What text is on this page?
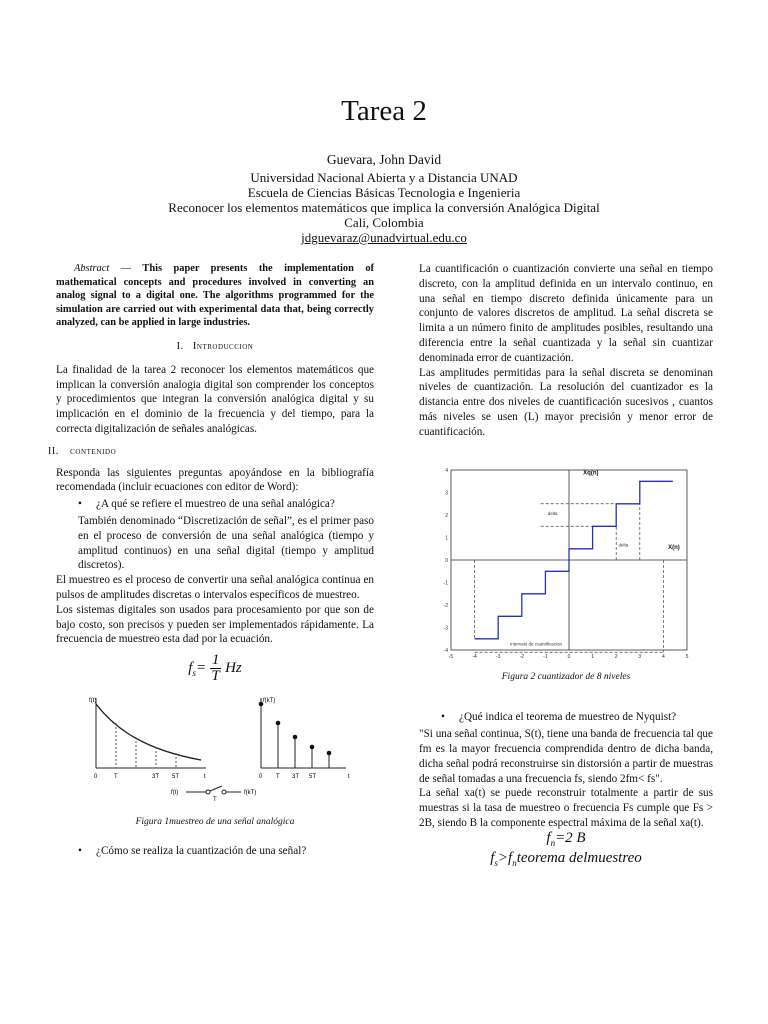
Tarea 2
Guevara, John David
Universidad Nacional Abierta y a Distancia UNAD
Escuela de Ciencias Básicas Tecnologia e Ingenieria
Reconocer los elementos matemáticos que implica la conversión Analógica Digital
Cali, Colombia
jdguevaraz@unadvirtual.edu.co

Abstract — This paper presents the implementation of mathematical concepts and procedures involved in converting an analog signal to a digital one. The algorithms programmed for the simulation are carried out with experimental data that, being correctly analyzed, can be applied in large industries.

I. Introduccion

La finalidad de la tarea 2 reconocer los elementos matemáticos que implican la conversión analogia digital son comprender los conceptos y procedimientos que integran la conversión analógica digital y su implicación en el dominio de la frecuencia y del tiempo, para la correcta digitalización de señales analógicas.

II. contenido

Responda las siguientes preguntas apoyándose en la bibliografía recomendada (incluir ecuaciones con editor de Word):

• ¿A qué se refiere el muestreo de una señal analógica?

También denominado “Discretización de señal”, es el primer paso en el proceso de conversión de una señal analógica (tiempo y amplitud continuos) en una señal digital (tiempo y amplitud discretos).

El muestreo es el proceso de convertir una señal analógica continua en pulsos de amplitudes discretas o intervalos específicos de muestreo.

Los sistemas digitales son usados para procesamiento por que son de bajo costo, son precisos y pueden ser implementados rápidamente. La frecuencia de muestreo esta dad por la ecuación.

$f_s= \frac{1}{T}$ Hz
f(t)
0	T	3T 5T	t
f(kT)
0 T 3T 5T	t
f(t)
T
f(kT)
Figura 1muestreo de una señal analógica
• ¿Cómo se realiza la cuantización de una señal?

La cuantificación o cuantización convierte una señal en tiempo discreto, con la amplitud definida en un intervalo continuo, en una señal en tiempo discreto definida únicamente para un conjunto de valores discretos de amplitud. La señal discreta se limita a un número finito de amplitudes posibles, resultando una diferencia entre la señal cuantizada y la señal sin cuantizar denominada error de cuantización.

Las amplitudes permitidas para la señal discreta se denominan niveles de cuantización. La resolución del cuantizador es la distancia entre dos niveles de cuantificación sucesivos , cuantos más niveles se usen (L) mayor precisión y menor error de cuantificación.

-5	-4	-3	-2	-1	0	1	2	3	4	5
4
3
2
1
0
-1
-2
-3
-4
Xq(n)
X(n)
delta
delta
Intervalo de cuantificacion
Figura 2 cuantizador de 8 niveles
• ¿Qué indica el teorema de muestreo de Nyquist?

"Si una señal continua, S(t), tiene una banda de frecuencia tal que fm es la mayor frecuencia comprendida dentro de dicha banda, dicha señal podrá reconstruirse sin distorsión a partir de muestras de señal tomadas a una frecuencia fs, siendo 2fm< fs".

La señal xa(t) se puede reconstruir totalmente a partir de sus muestras si la tasa de muestreo o frecuencia Fs cumple que Fs > 2B, siendo B la componente espectral máxima de la señal xa(t).

$f_n=2$ B
$f_s>f_nteorema$ delmuestreo
